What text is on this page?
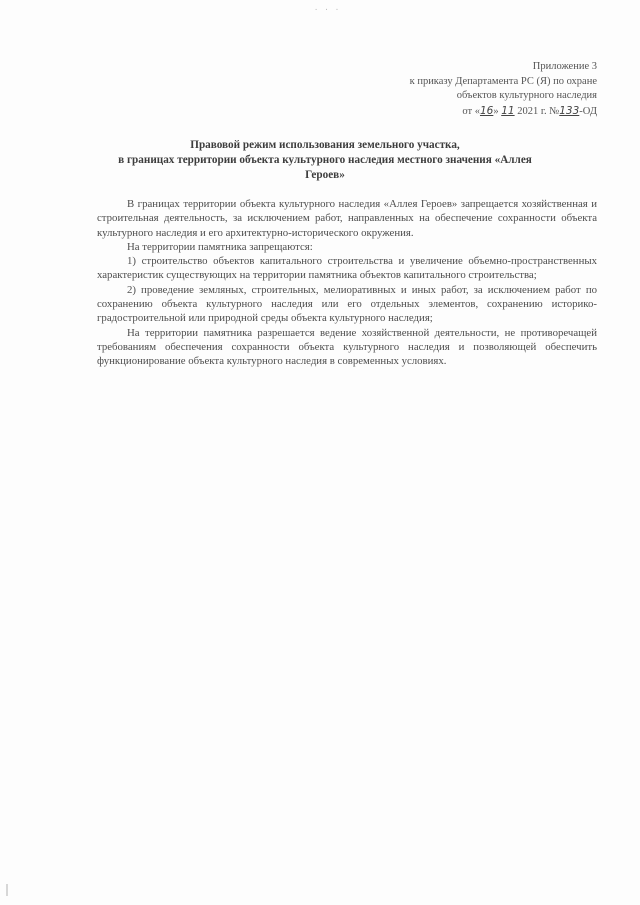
· · ·
Приложение 3
к приказу Департамента РС (Я) по охране
объектов культурного наследия
от «16» 11 2021 г. №133-ОД
Правовой режим использования земельного участка,
в границах территории объекта культурного наследия местного значения «Аллея
Героев»

В границах территории объекта культурного наследия «Аллея Героев» запрещается хозяйственная и строительная деятельность, за исключением работ, направленных на обеспечение сохранности объекта культурного наследия и его архитектурно-исторического окружения.

На территории памятника запрещаются:

1) строительство объектов капитального строительства и увеличение объемно-пространственных характеристик существующих на территории памятника объектов капитального строительства;

2) проведение земляных, строительных, мелиоративных и иных работ, за исключением работ по сохранению объекта культурного наследия или его отдельных элементов, сохранению историко-градостроительной или природной среды объекта культурного наследия;

На территории памятника разрешается ведение хозяйственной деятельности, не противоречащей требованиям обеспечения сохранности объекта культурного наследия и позволяющей обеспечить функционирование объекта культурного наследия в современных условиях.
